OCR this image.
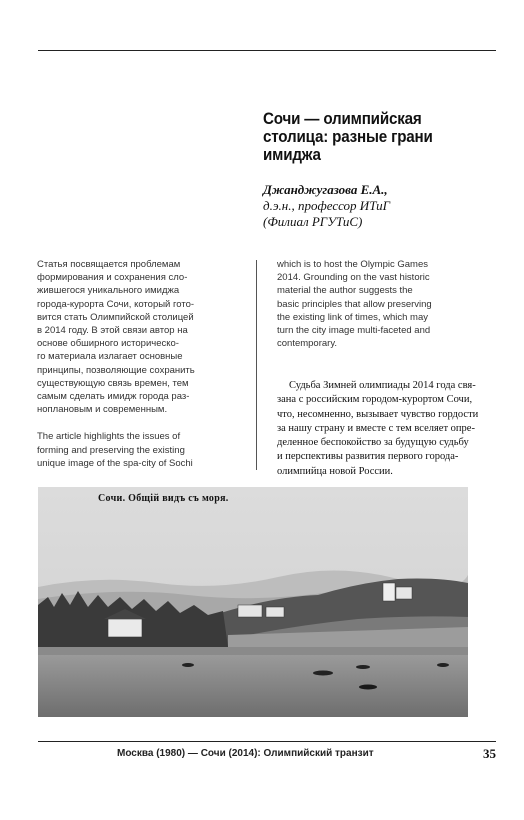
Сочи — олимпийская
столица: разные грани
имиджа
Джанджугазова Е.А.,
д.э.н., профессор ИТиГ
(Филиал РГУТиС)

Статья посвящается проблемам

формирования и сохранения сло-

жившегося уникального имиджа

города-курорта Сочи, который гото-

вится стать Олимпийской столицей

в 2014 году. В этой связи автор на

основе обширного историческо-

го материала излагает основные

принципы, позволяющие сохранить

существующую связь времен, тем

самым сделать имидж города раз-

ноплановым и современным.

The article highlights the issues of

forming and preserving the existing

unique image of the spa-city of Sochi

which is to host the Olympic Games

2014. Grounding on the vast historic

material the author suggests the

basic principles that allow preserving

the existing link of times, which may

turn the city image multi-faceted and

contemporary.

Судьба Зимней олимпиады 2014 года свя-
зана с российским городом-курортом Сочи,
что, несомненно, вызывает чувство гордости
за нашу страну и вместе с тем вселяет опре-
деленное беспокойство за будущую судьбу
и перспективы развития первого города-
олимпийца новой России.
Сочи. Общій видъ съ моря.
Москва (1980) — Сочи (2014): Олимпийский транзит	35
